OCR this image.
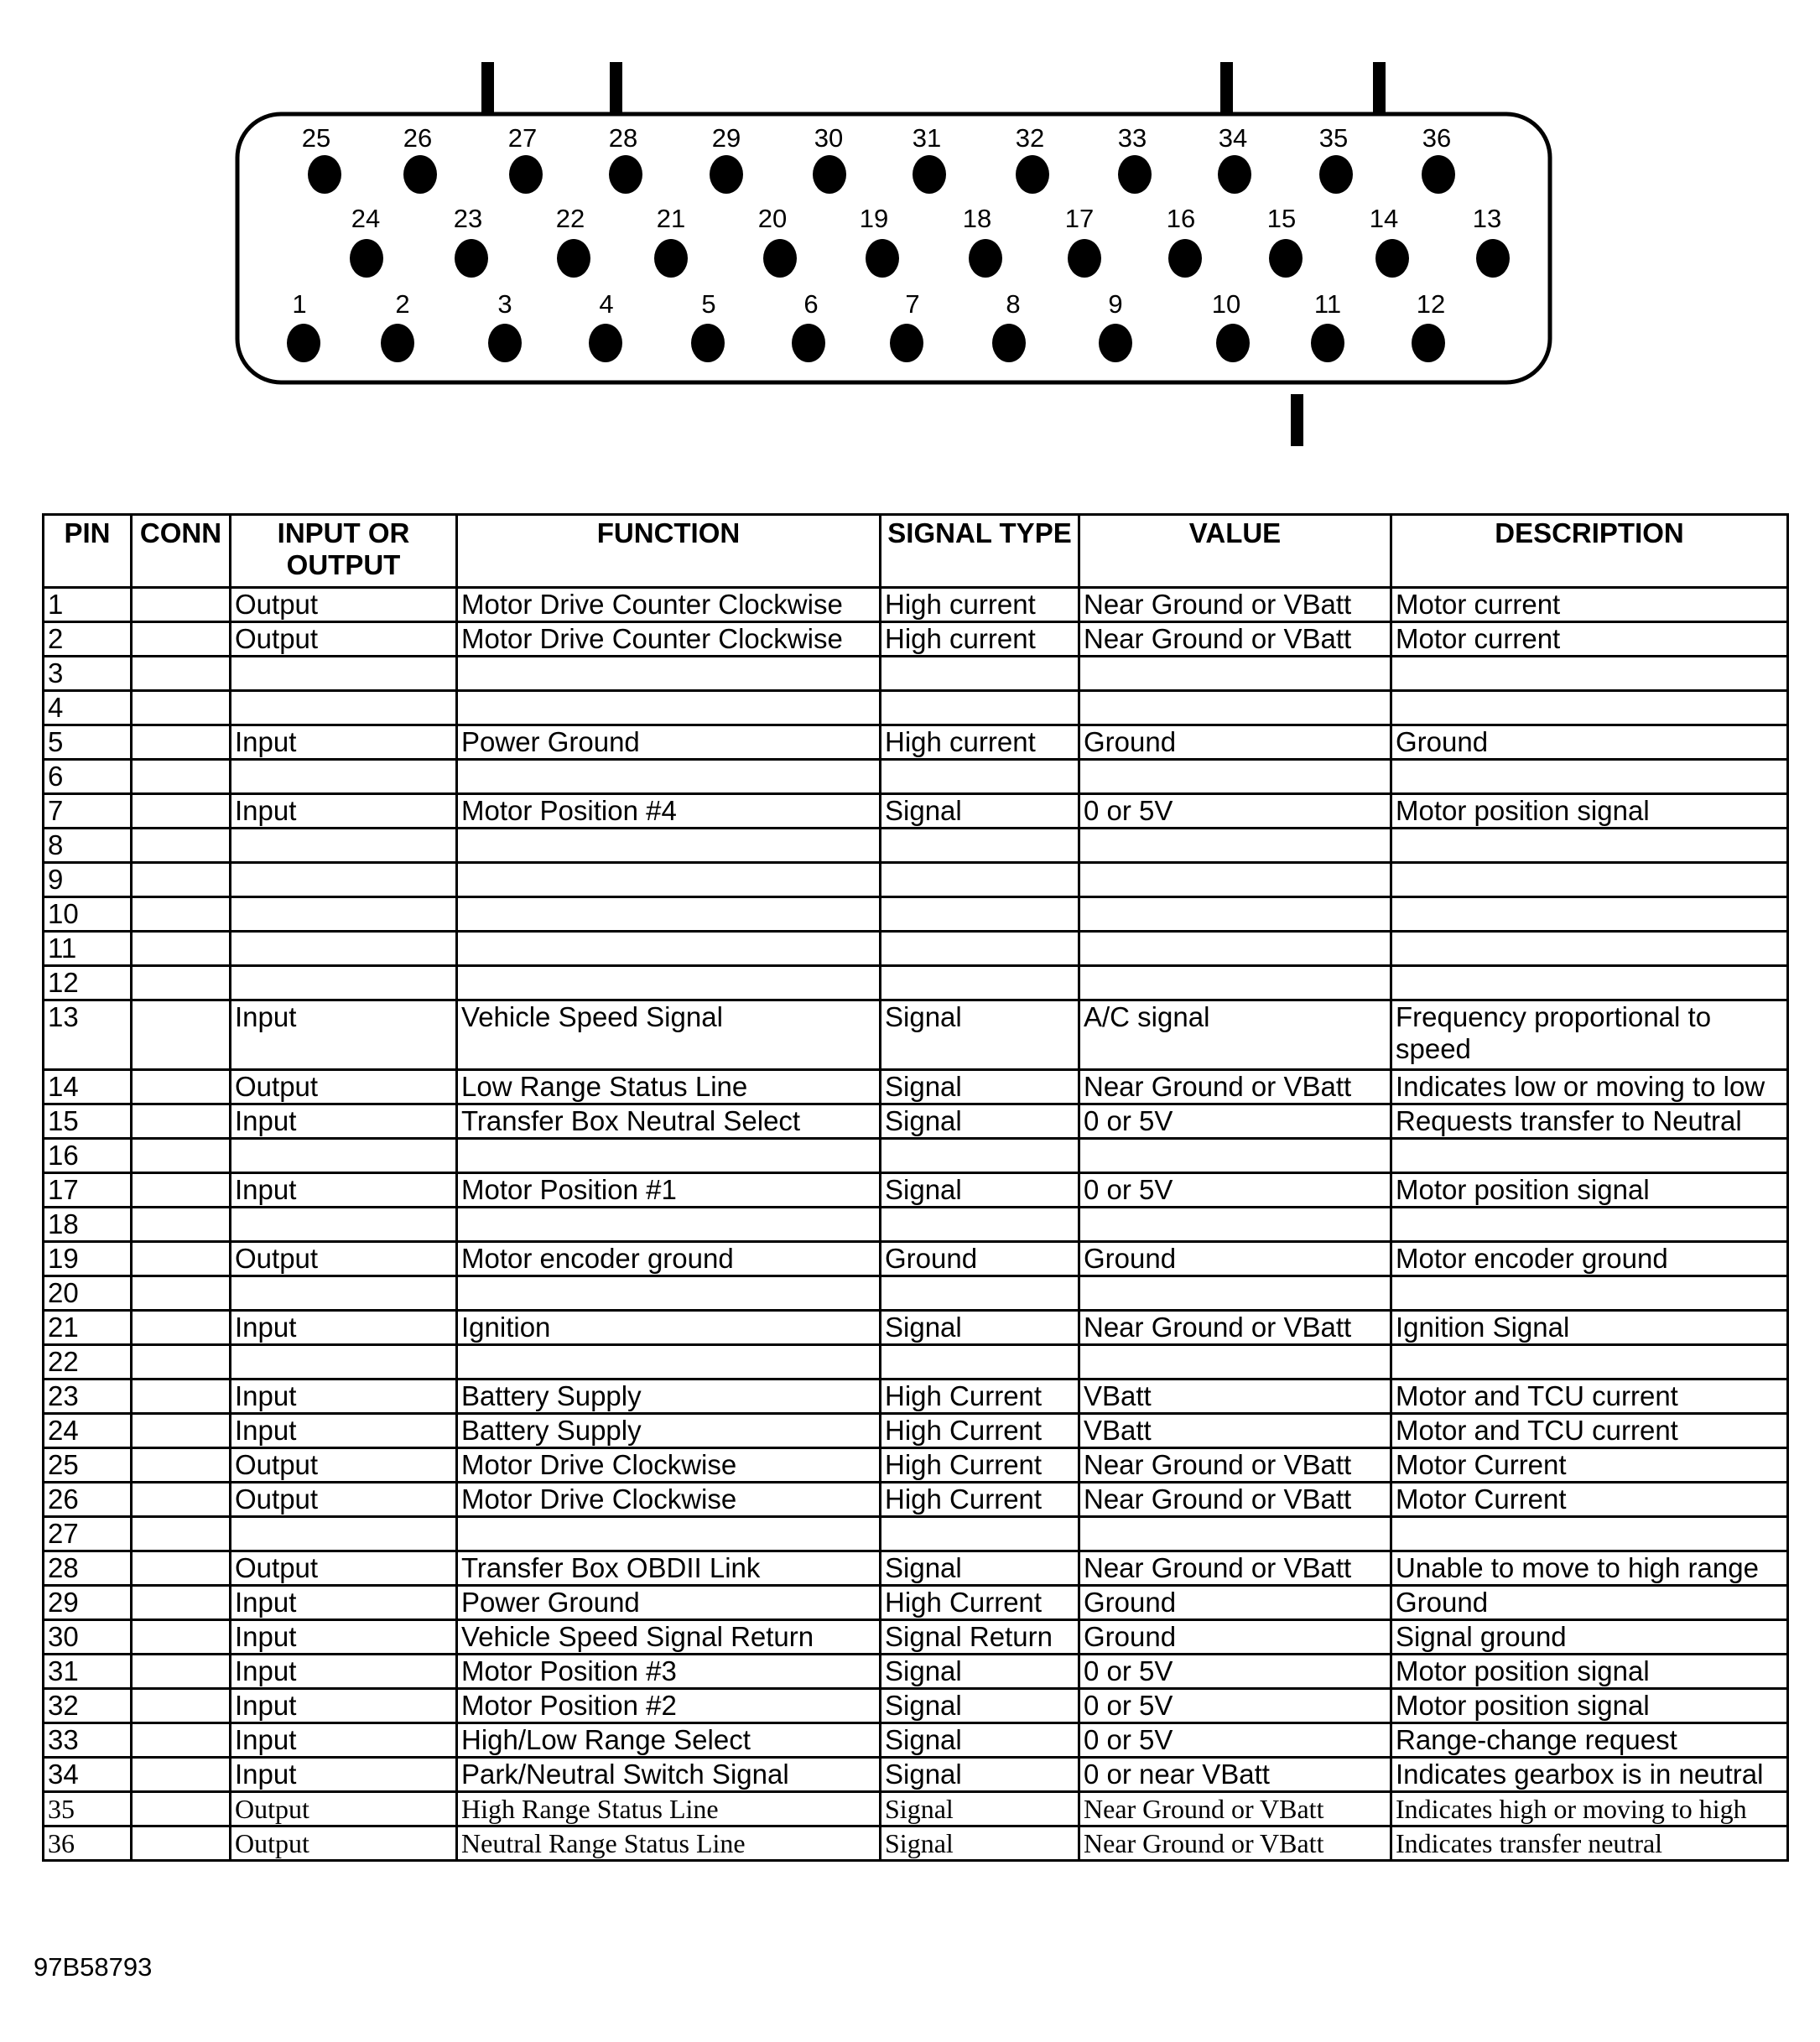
25	26	27	28	29	30	31	32	33	34	35	36
24	23	22	21	20	19	18	17	16	15	14	13
1	2	3	4	5	6	7	8	9	10	11	12
PIN	CONN	INPUT OR OUTPUT	FUNCTION	SIGNAL TYPE	VALUE	DESCRIPTION
1		Output	Motor Drive Counter Clockwise	High current	Near Ground or VBatt	Motor current
2		Output	Motor Drive Counter Clockwise	High current	Near Ground or VBatt	Motor current
3						
4						
5		Input	Power Ground	High current	Ground	Ground
6						
7		Input	Motor Position #4	Signal	0 or 5V	Motor position signal
8						
9						
10						
11						
12						
13		Input	Vehicle Speed Signal	Signal	A/C signal	Frequency proportional to speed
14		Output	Low Range Status Line	Signal	Near Ground or VBatt	Indicates low or moving to low
15		Input	Transfer Box Neutral Select	Signal	0 or 5V	Requests transfer to Neutral
16						
17		Input	Motor Position #1	Signal	0 or 5V	Motor position signal
18						
19		Output	Motor encoder ground	Ground	Ground	Motor encoder ground
20						
21		Input	Ignition	Signal	Near Ground or VBatt	Ignition Signal
22						
23		Input	Battery Supply	High Current	VBatt	Motor and TCU current
24		Input	Battery Supply	High Current	VBatt	Motor and TCU current
25		Output	Motor Drive Clockwise	High Current	Near Ground or VBatt	Motor Current
26		Output	Motor Drive Clockwise	High Current	Near Ground or VBatt	Motor Current
27						
28		Output	Transfer Box OBDII Link	Signal	Near Ground or VBatt	Unable to move to high range
29		Input	Power Ground	High Current	Ground	Ground
30		Input	Vehicle Speed Signal Return	Signal Return	Ground	Signal ground
31		Input	Motor Position #3	Signal	0 or 5V	Motor position signal
32		Input	Motor Position #2	Signal	0 or 5V	Motor position signal
33		Input	High/Low Range Select	Signal	0 or 5V	Range-change request
34		Input	Park/Neutral Switch Signal	Signal	0 or near VBatt	Indicates gearbox is in neutral
35		Output	High Range Status Line	Signal	Near Ground or VBatt	Indicates high or moving to high
36		Output	Neutral Range Status Line	Signal	Near Ground or VBatt	Indicates transfer neutral
97B58793
